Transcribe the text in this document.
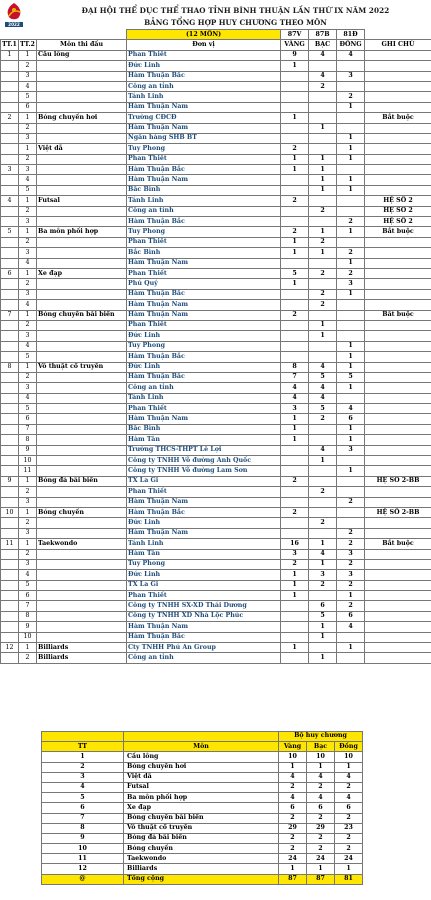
2022
ĐẠI HỘI THỂ DỤC THỂ THAO TỈNH BÌNH THUẬN LẦN THỨ IX NĂM 2022
BẢNG TỔNG HỢP HUY CHƯƠNG THEO MÔN
			(12 MÔN)	87V	87B	81Đ	
TT.1	TT.2	Môn thi đấu	Đơn vị	VÀNG	BẠC	ĐỒNG	GHI CHÚ
1	1	Cầu lông	Phan Thiết	9	4	4	
	2		Đức Linh	1			
	3		Hàm Thuận Bắc		4	3	
	4		Công an tỉnh		2		
	5		Tánh Linh			2	
	6		Hàm Thuận Nam			1	
2	1	Bóng chuyền hơi	Trường CĐCĐ	1			Bắt buộc
	2		Hàm Thuận Nam		1		
	3		Ngân hàng SHB BT			1	
	1	Việt dã	Tuy Phong	2		1	
	2		Phan Thiết	1	1	1	
3	3		Hàm Thuận Bắc	1	1		
	4		Hàm Thuận Nam		1	1	
	5		Bắc Bình		1	1	
4	1	Futsal	Tánh Linh	2			HỆ SỐ 2
	2		Công an tỉnh		2		HỆ SỐ 2
	3		Hàm Thuận Bắc			2	HỆ SỐ 2
5	1	Ba môn phối hợp	Tuy Phong	2	1	1	Bắt buộc
	2		Phan Thiết	1	2		
	3		Bắc Bình	1	1	2	
	4		Hàm Thuận Nam			1	
6	1	Xe đạp	Phan Thiết	5	2	2	
	2		Phú Quý	1		3	
	3		Hàm Thuận Bắc		2	1	
	4		Hàm Thuận Nam		2		
7	1	Bóng chuyền bãi biển	Hàm Thuận Nam	2			Bắt buộc
	2		Phan Thiết		1		
	3		Đức Linh		1		
	4		Tuy Phong			1	
	5		Hàm Thuận Bắc			1	
8	1	Võ thuật cổ truyền	Đức Linh	8	4	1	
	2		Hàm Thuận Bắc	7	5	5	
	3		Công an tỉnh	4	4	1	
	4		Tánh Linh	4	4		
	5		Phan Thiết	3	5	4	
	6		Hàm Thuận Nam	1	2	6	
	7		Bắc Bình	1		1	
	8		Hàm Tân	1		1	
	9		Trường THCS-THPT Lê Lợi		4	3	
	10		Công ty TNHH Võ đường Anh Quốc		1		
	11		Công ty TNHH Võ đường Lam Sơn			1	
9	1	Bóng đá bãi biển	TX La Gi	2			HỆ SỐ 2-BB
	2		Phan Thiết		2		
	3		Hàm Thuận Nam			2	
10	1	Bóng chuyền	Hàm Thuận Bắc	2			HỆ SỐ 2-BB
	2		Đức Linh		2		
	3		Hàm Thuận Nam			2	
11	1	Taekwondo	Tánh Linh	16	1	2	Bắt buộc
	2		Hàm Tân	3	4	3	
	3		Tuy Phong	2	1	2	
	4		Đức Linh	1	3	3	
	5		TX La Gi	1	2	2	
	6		Phan Thiết	1		1	
	7		Công ty TNHH SX-XD Thái Dương		6	2	
	8		Công ty TNHH XD Nhà Lộc Phúc		5	6	
	9		Hàm Thuận Nam		1	4	
	10		Hàm Thuận Bắc		1		
12	1	Billiards	Cty TNHH Phú An Group	1		1	
	2	Billiards	Công an tỉnh		1		
		Bộ huy chương		
TT	Môn	Vàng	Bạc	Đồng
1	Cầu lông	10	10	10
2	Bóng chuyền hơi	1	1	1
3	Việt dã	4	4	4
4	Futsal	2	2	2
5	Ba môn phối hợp	4	4	4
6	Xe đạp	6	6	6
7	Bóng chuyền bãi biển	2	2	2
8	Võ thuật cổ truyền	29	29	23
9	Bóng đá bãi biển	2	2	2
10	Bóng chuyền	2	2	2
11	Taekwondo	24	24	24
12	Billiards	1	1	1
@	Tổng cộng	87	87	81
